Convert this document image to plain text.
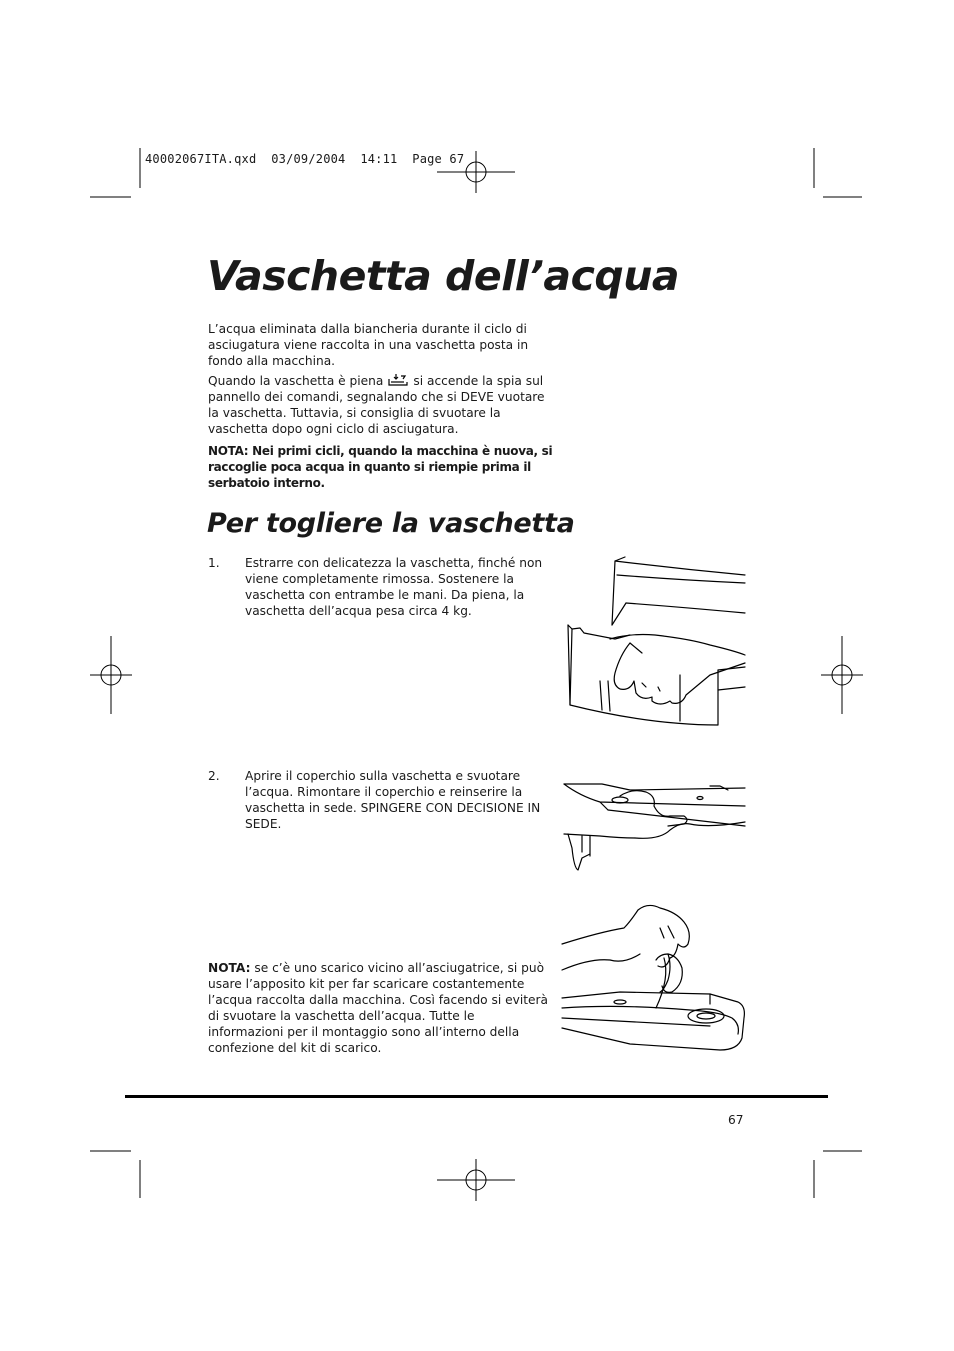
40002067ITA.qxd  03/09/2004  14:11  Page 67
Vaschetta dell’acqua

L’acqua eliminata dalla biancheria durante il ciclo di asciugatura viene raccolta in una vaschetta posta in fondo alla macchina.

Quando la vaschetta è piena si accende la spia sul pannello dei comandi, segnalando che si DEVE vuotare la vaschetta. Tuttavia, si consiglia di svuotare la vaschetta dopo ogni ciclo di asciugatura.

NOTA: Nei primi cicli, quando la macchina è nuova, si raccoglie poca acqua in quanto si riempie prima il serbatoio interno.

Per togliere la vaschetta
1. Estrarre con delicatezza la vaschetta, finché non viene completamente rimossa. Sostenere la vaschetta con entrambe le mani. Da piena, la vaschetta dell’acqua pesa circa 4 kg.
2. Aprire il coperchio sulla vaschetta e svuotare l’acqua. Rimontare il coperchio e reinserire la vaschetta in sede. SPINGERE CON DECISIONE IN SEDE.

NOTA: se c’è uno scarico vicino all’asciugatrice, si può usare l’apposito kit per far scaricare costantemente l’acqua raccolta dalla macchina. Così facendo si eviterà di svuotare la vaschetta dell’acqua. Tutte le informazioni per il montaggio sono all’interno della confezione del kit di scarico.

67
